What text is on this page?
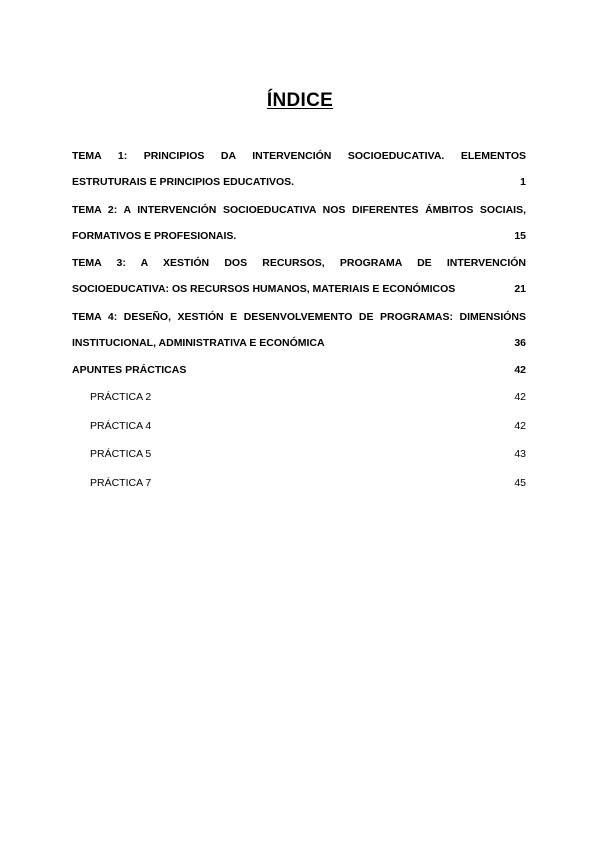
ÍNDICE
TEMA 1: PRINCIPIOS DA INTERVENCIÓN SOCIOEDUCATIVA. ELEMENTOS
ESTRUTURAIS E PRINCIPIOS EDUCATIVOS.	1
TEMA 2: A INTERVENCIÓN SOCIOEDUCATIVA NOS DIFERENTES ÁMBITOS SOCIAIS,
FORMATIVOS E PROFESIONAIS.	15
TEMA 3: A XESTIÓN DOS RECURSOS, PROGRAMA DE INTERVENCIÓN
SOCIOEDUCATIVA: OS RECURSOS HUMANOS, MATERIAIS E ECONÓMICOS	21
TEMA 4: DESEÑO, XESTIÓN E DESENVOLVEMENTO DE PROGRAMAS: DIMENSIÓNS
INSTITUCIONAL, ADMINISTRATIVA E ECONÓMICA	36
APUNTES PRÁCTICAS	42
PRÁCTICA 2	42
PRÁCTICA 4	42
PRÁCTICA 5	43
PRÁCTICA 7	45
